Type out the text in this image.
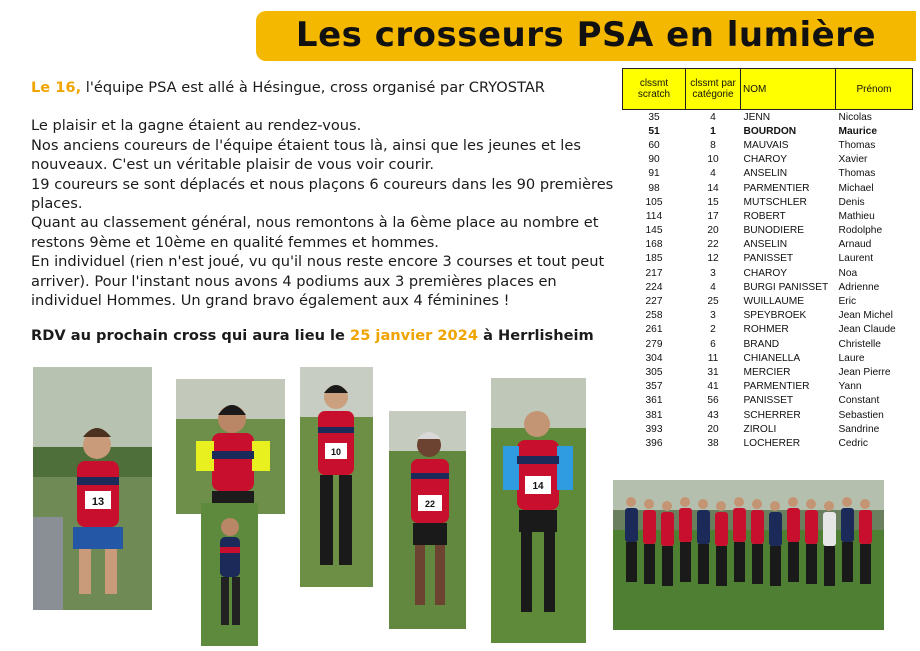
Les crosseurs PSA en lumière

Le 16, l'équipe PSA est allé à Hésingue, cross organisé par CRYOSTAR

Le plaisir et la gagne étaient au rendez-vous.

Nos anciens coureurs de l'équipe étaient tous là, ainsi que les jeunes et les nouveaux. C'est un véritable plaisir de vous voir courir.

19 coureurs se sont déplacés et nous plaçons 6 coureurs dans les 90 premières places.

Quant au classement général, nous remontons à la 6ème place au nombre et restons 9ème et 10ème en qualité femmes et hommes.

En individuel (rien n'est joué, vu qu'il nous reste encore 3 courses et tout peut arriver). Pour l'instant nous avons 4 podiums aux 3 premières places en individuel Hommes. Un grand bravo également aux 4 féminines !

RDV au prochain cross qui aura lieu le 25 janvier 2024 à Herrlisheim

clssmt scratch	clssmt par catégorie	NOM	Prénom
35	4	JENN	Nicolas
51	1	BOURDON	Maurice
60	8	MAUVAIS	Thomas
90	10	CHAROY	Xavier
91	4	ANSELIN	Thomas
98	14	PARMENTIER	Michael
105	15	MUTSCHLER	Denis
114	17	ROBERT	Mathieu
145	20	BUNODIERE	Rodolphe
168	22	ANSELIN	Arnaud
185	12	PANISSET	Laurent
217	3	CHAROY	Noa
224	4	BURGI PANISSET	Adrienne
227	25	WUILLAUME	Eric
258	3	SPEYBROEK	Jean Michel
261	2	ROHMER	Jean Claude
279	6	BRAND	Christelle
304	11	CHIANELLA	Laure
305	31	MERCIER	Jean Pierre
357	41	PARMENTIER	Yann
361	56	PANISSET	Constant
381	43	SCHERRER	Sebastien
393	20	ZIROLI	Sandrine
396	38	LOCHERER	Cedric
13
10
22
14
